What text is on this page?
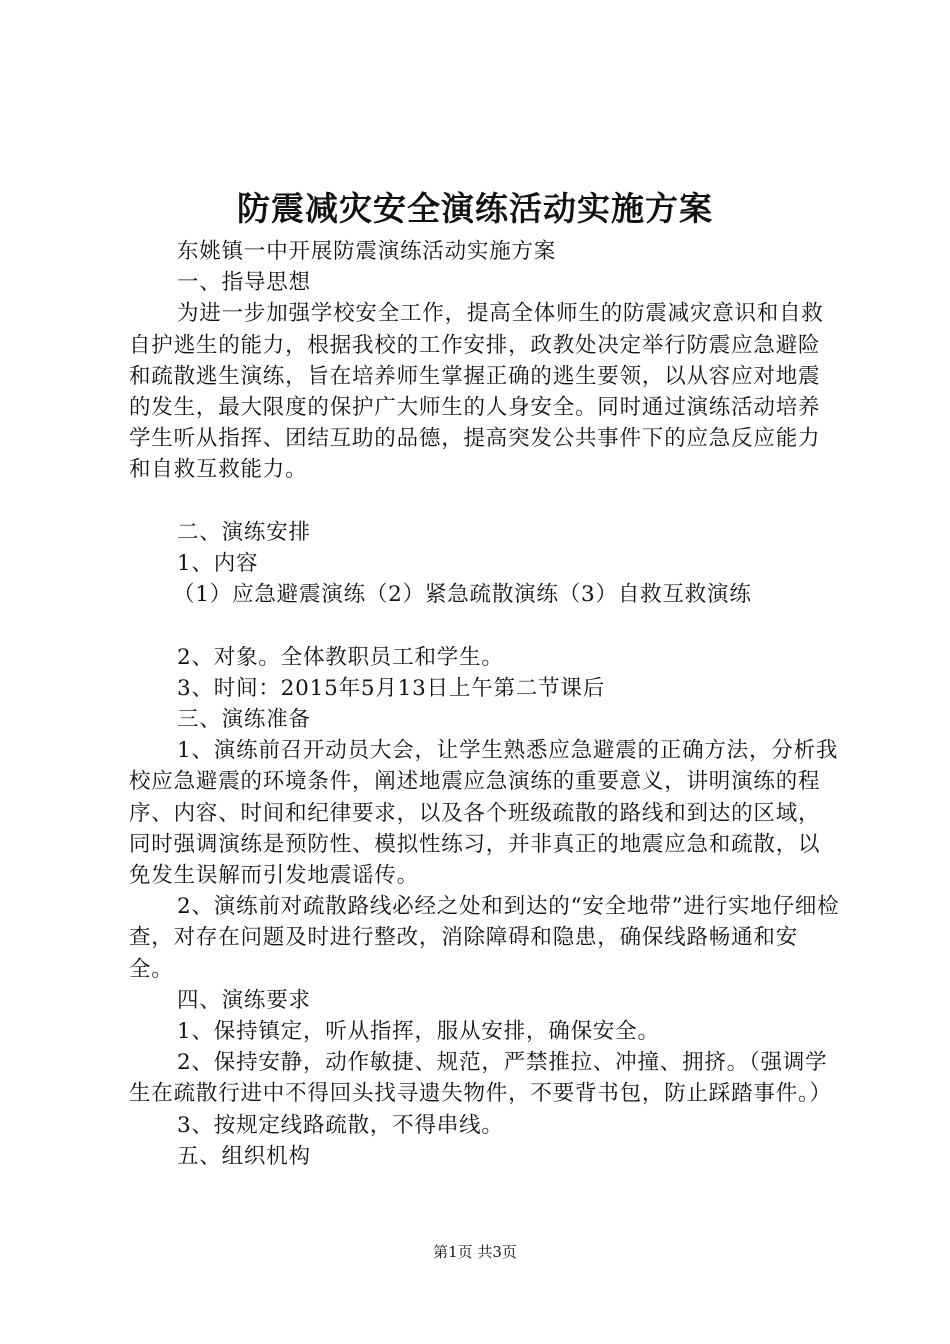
防震减灾安全演练活动实施方案

东姚镇一中开展防震演练活动实施方案

一、指导思想

为进一步加强学校安全工作，提高全体师生的防震减灾意识和自救自护逃生的能力，根据我校的工作安排，政教处决定举行防震应急避险和疏散逃生演练，旨在培养师生掌握正确的逃生要领，以从容应对地震的发生，最大限度的保护广大师生的人身安全。同时通过演练活动培养学生听从指挥、团结互助的品德，提高突发公共事件下的应急反应能力和自救互救能力。

二、演练安排

1、内容

（1）应急避震演练（2）紧急疏散演练（3）自救互救演练

2、对象。全体教职员工和学生。

3、时间：2015年5月13日上午第二节课后

三、演练准备

1、演练前召开动员大会，让学生熟悉应急避震的正确方法，分析我校应急避震的环境条件，阐述地震应急演练的重要意义，讲明演练的程序、内容、时间和纪律要求，以及各个班级疏散的路线和到达的区域，同时强调演练是预防性、模拟性练习，并非真正的地震应急和疏散，以免发生误解而引发地震谣传。

2、演练前对疏散路线必经之处和到达的“安全地带”进行实地仔细检查，对存在问题及时进行整改，消除障碍和隐患，确保线路畅通和安全。

四、演练要求

1、保持镇定，听从指挥，服从安排，确保安全。

2、保持安静，动作敏捷、规范，严禁推拉、冲撞、拥挤。（强调学生在疏散行进中不得回头找寻遗失物件，不要背书包，防止踩踏事件。）

3、按规定线路疏散，不得串线。

五、组织机构

第1页 共3页
